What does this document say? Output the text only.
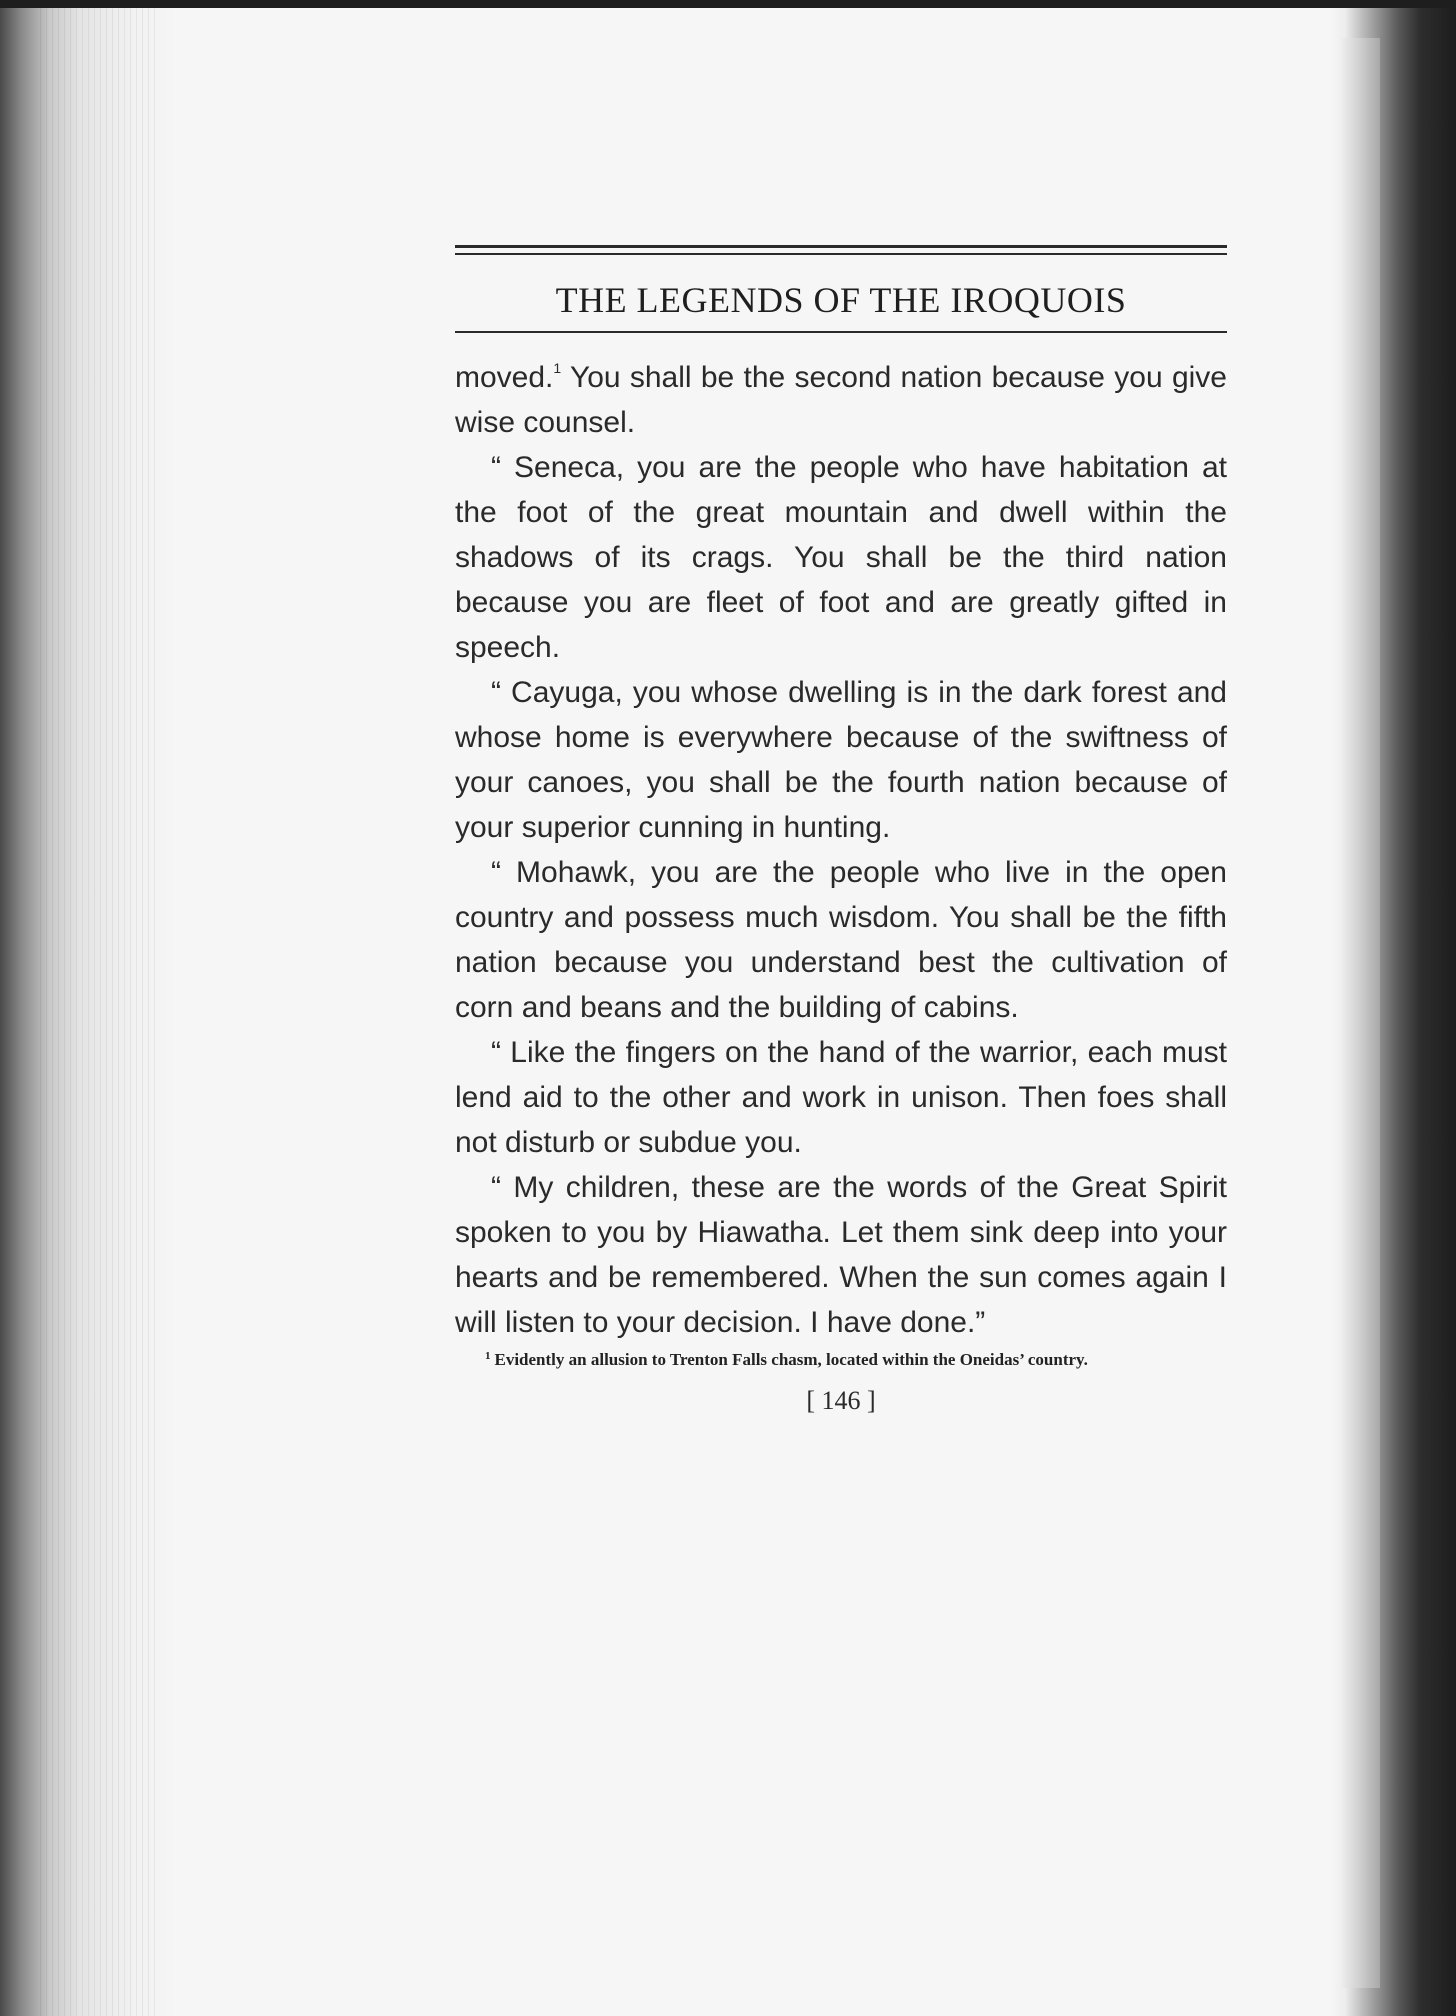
THE LEGENDS OF THE IROQUOIS

moved.$^1$ You shall be the second nation because you give wise counsel.

“ Seneca, you are the people who have habitation at the foot of the great mountain and dwell within the shadows of its crags. You shall be the third nation because you are fleet of foot and are greatly gifted in speech.

“ Cayuga, you whose dwelling is in the dark forest and whose home is everywhere because of the swiftness of your canoes, you shall be the fourth nation because of your superior cunning in hunting.

“ Mohawk, you are the people who live in the open country and possess much wisdom. You shall be the fifth nation because you understand best the cultivation of corn and beans and the building of cabins.

“ Like the fingers on the hand of the warrior, each must lend aid to the other and work in unison. Then foes shall not disturb or subdue you.

“ My children, these are the words of the Great Spirit spoken to you by Hiawatha. Let them sink deep into your hearts and be remembered. When the sun comes again I will listen to your decision. I have done.”

$^1$ Evidently an allusion to Trenton Falls chasm, located within the Oneidas’ country.
[ 146 ]
